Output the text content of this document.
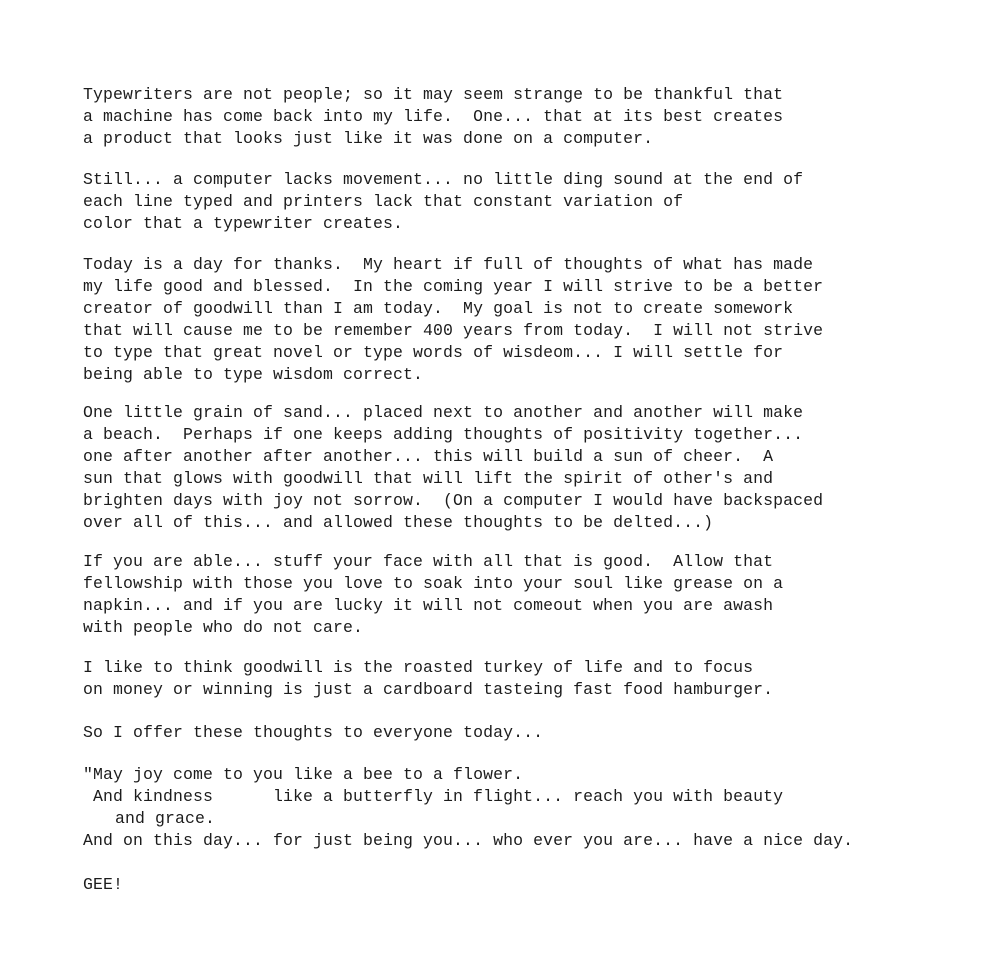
Typewriters are not people; so it may seem strange to be thankful that
a machine has come back into my life.  One... that at its best creates
a product that looks just like it was done on a computer.

Still... a computer lacks movement... no little ding sound at the end of
each line typed and printers lack that constant variation of
color that a typewriter creates.

Today is a day for thanks.  My heart if full of thoughts of what has made
my life good and blessed.  In the coming year I will strive to be a better
creator of goodwill than I am today.  My goal is not to create somework
that will cause me to be remember 400 years from today.  I will not strive
to type that great novel or type words of wisdeom... I will settle for
being able to type wisdom correct.

One little grain of sand... placed next to another and another will make
a beach.  Perhaps if one keeps adding thoughts of positivity together...
one after another after another... this will build a sun of cheer.  A
sun that glows with goodwill that will lift the spirit of other's and
brighten days with joy not sorrow.  (On a computer I would have backspaced
over all of this... and allowed these thoughts to be delted...)

If you are able... stuff your face with all that is good.  Allow that
fellowship with those you love to soak into your soul like grease on a
napkin... and if you are lucky it will not comeout when you are awash
with people who do not care.

I like to think goodwill is the roasted turkey of life and to focus
on money or winning is just a cardboard tasteing fast food hamburger.

So I offer these thoughts to everyone today...

"May joy come to you like a bee to a flower.
And kindness      like a butterfly in flight... reach you with beauty
and grace.
And on this day... for just being you... who ever you are... have a nice day.

GEE!
